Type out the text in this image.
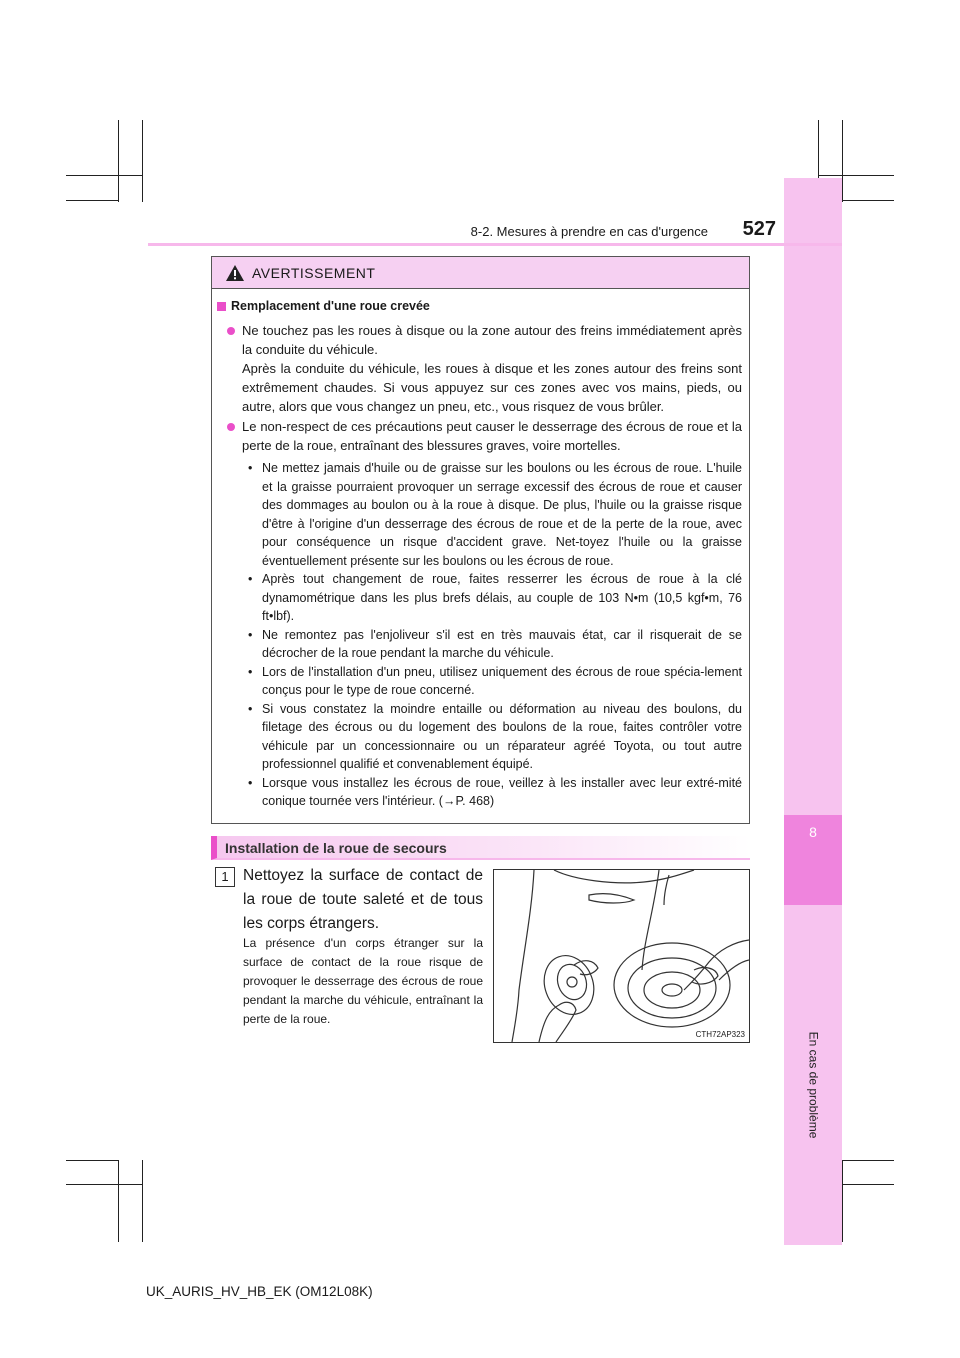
8
En cas de problème
8-2. Mesures à prendre en cas d'urgence 527
AVERTISSEMENT
Remplacement d'une roue crevée
Ne touchez pas les roues à disque ou la zone autour des freins immédiatement après la conduite du véhicule.
Après la conduite du véhicule, les roues à disque et les zones autour des freins sont extrêmement chaudes. Si vous appuyez sur ces zones avec vos mains, pieds, ou autre, alors que vous changez un pneu, etc., vous risquez de vous brûler.
Le non-respect de ces précautions peut causer le desserrage des écrous de roue et la perte de la roue, entraînant des blessures graves, voire mortelles.
• Ne mettez jamais d'huile ou de graisse sur les boulons ou les écrous de roue. L'huile et la graisse pourraient provoquer un serrage excessif des écrous de roue et causer des dommages au boulon ou à la roue à disque. De plus, l'huile ou la graisse risque d'être à l'origine d'un desserrage des écrous de roue et de la perte de la roue, avec pour conséquence un risque d'accident grave. Net-toyez l'huile ou la graisse éventuellement présente sur les boulons ou les écrous de roue.
• Après tout changement de roue, faites resserrer les écrous de roue à la clé dynamométrique dans les plus brefs délais, au couple de 103 N•m (10,5 kgf•m, 76 ft•lbf).
• Ne remontez pas l'enjoliveur s'il est en très mauvais état, car il risquerait de se décrocher de la roue pendant la marche du véhicule.
• Lors de l'installation d'un pneu, utilisez uniquement des écrous de roue spécia-lement conçus pour le type de roue concerné.
• Si vous constatez la moindre entaille ou déformation au niveau des boulons, du filetage des écrous ou du logement des boulons de la roue, faites contrôler votre véhicule par un concessionnaire ou un réparateur agréé Toyota, ou tout autre professionnel qualifié et convenablement équipé.
• Lorsque vous installez les écrous de roue, veillez à les installer avec leur extré-mité conique tournée vers l'intérieur. (→P. 468)
Installation de la roue de secours
1 Nettoyez la surface de contact de la roue de toute saleté et de tous les corps étrangers.
La présence d'un corps étranger sur la surface de contact de la roue risque de provoquer le desserrage des écrous de roue pendant la marche du véhicule, entraînant la perte de la roue.
CTH72AP323
UK_AURIS_HV_HB_EK (OM12L08K)
